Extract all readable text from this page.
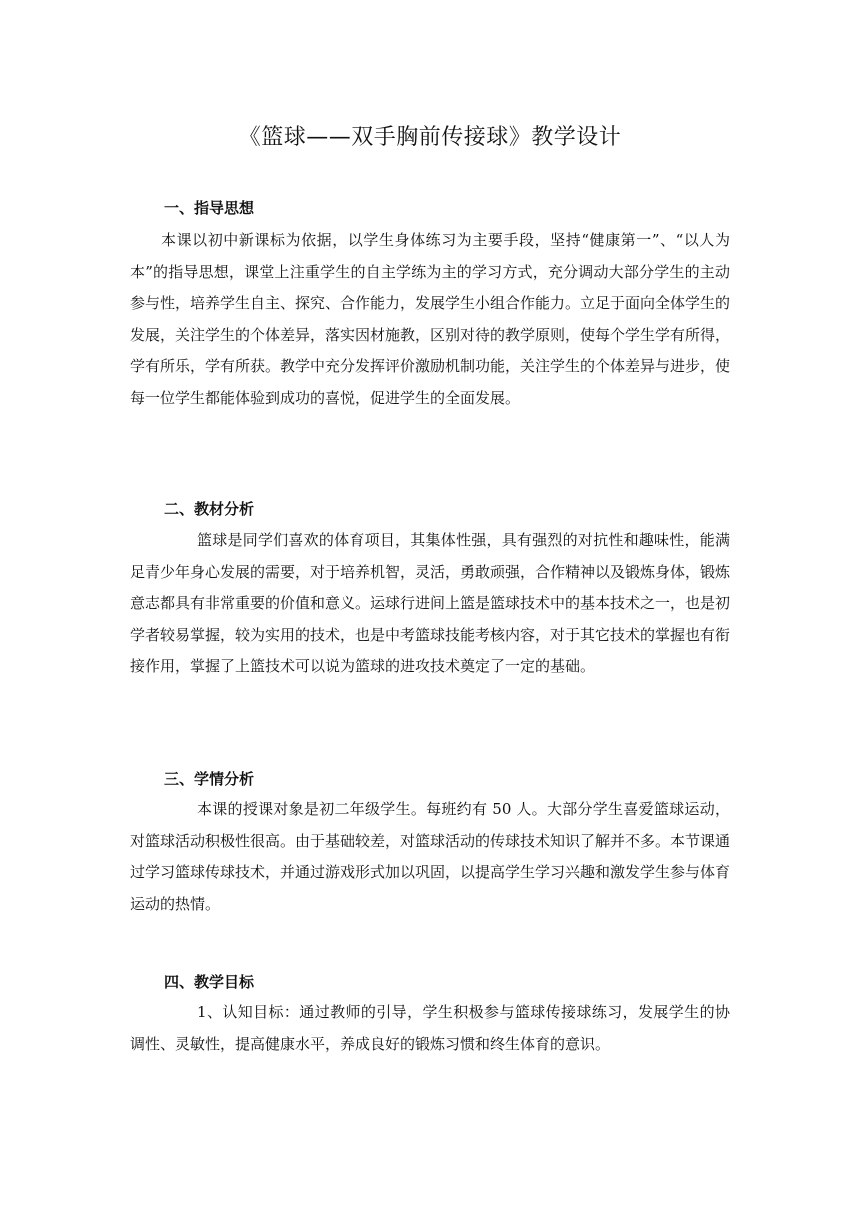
《篮球——双手胸前传接球》教学设计
一、指导思想

本课以初中新课标为依据，以学生身体练习为主要手段，坚持“健康第一”、“以人为本”的指导思想，课堂上注重学生的自主学练为主的学习方式，充分调动大部分学生的主动参与性，培养学生自主、探究、合作能力，发展学生小组合作能力。立足于面向全体学生的发展，关注学生的个体差异，落实因材施教，区别对待的教学原则，使每个学生学有所得，学有所乐，学有所获。教学中充分发挥评价激励机制功能，关注学生的个体差异与进步，使每一位学生都能体验到成功的喜悦，促进学生的全面发展。

二、教材分析

篮球是同学们喜欢的体育项目，其集体性强，具有强烈的对抗性和趣味性，能满足青少年身心发展的需要，对于培养机智，灵活，勇敢顽强，合作精神以及锻炼身体，锻炼意志都具有非常重要的价值和意义。运球行进间上篮是篮球技术中的基本技术之一，也是初学者较易掌握，较为实用的技术，也是中考篮球技能考核内容，对于其它技术的掌握也有衔接作用，掌握了上篮技术可以说为篮球的进攻技术奠定了一定的基础。

三、学情分析

本课的授课对象是初二年级学生。每班约有 50 人。大部分学生喜爱篮球运动，对篮球活动积极性很高。由于基础较差，对篮球活动的传球技术知识了解并不多。本节课通过学习篮球传球技术，并通过游戏形式加以巩固，以提高学生学习兴趣和激发学生参与体育运动的热情。

四、教学目标

1、认知目标：通过教师的引导，学生积极参与篮球传接球练习，发展学生的协调性、灵敏性，提高健康水平，养成良好的锻炼习惯和终生体育的意识。
